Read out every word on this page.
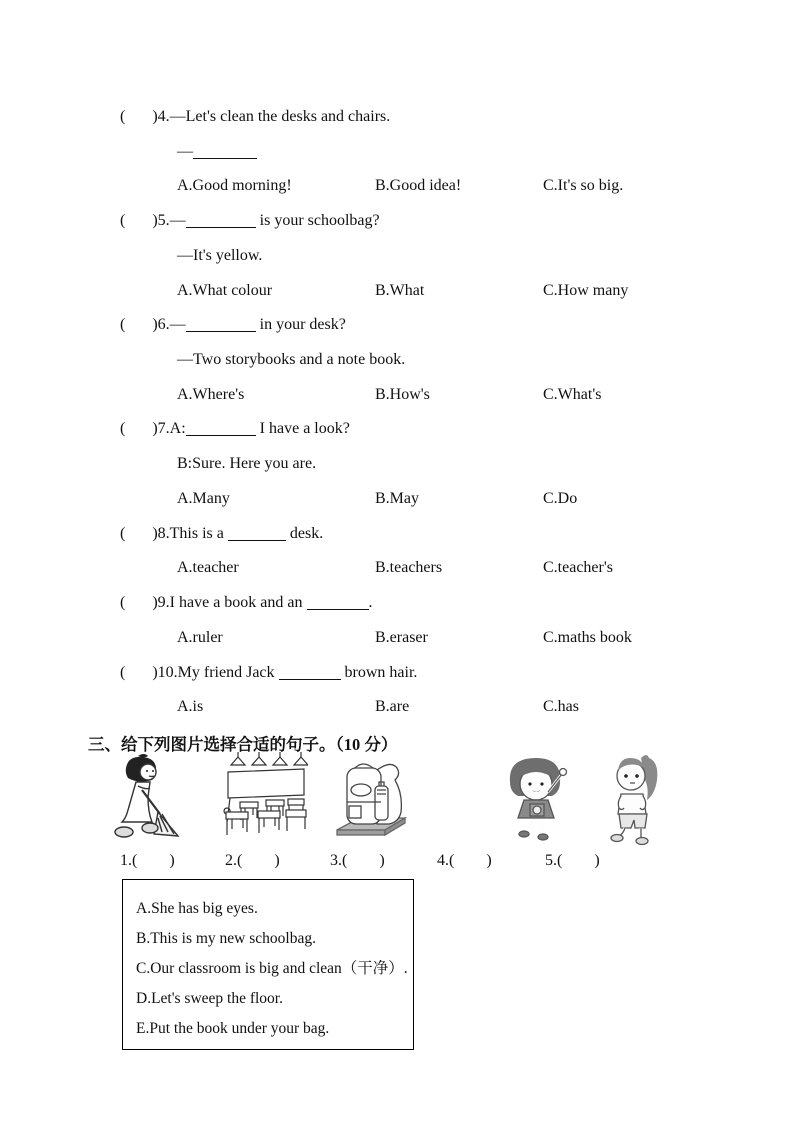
( )4.—Let's clean the desks and chairs.
—
A.Good morning!	B.Good idea!	C.It's so big.
( )5.—	is your schoolbag?
—It's yellow.
A.What colour	B.What	C.How many
( )6.—	in your desk?
—Two storybooks and a note book.
A.Where's	B.How's	C.What's
( )7.A:	I have a look?
B:Sure. Here you are.
A.Many	B.May	C.Do
( )8.This is a	desk.
A.teacher	B.teachers	C.teacher's
( )9.I have a book and an	.
A.ruler	B.eraser	C.maths book
( )10.My friend Jack	brown hair.
A.is	B.are	C.has
三、给下列图片选择合适的句子。（10 分）
1.( )	2.( )	3.( )	4.( )	5.( )
A.She has big eyes.
B.This is my new schoolbag.
C.Our classroom is big and clean（干净）.
D.Let's sweep the floor.
E.Put the book under your bag.
